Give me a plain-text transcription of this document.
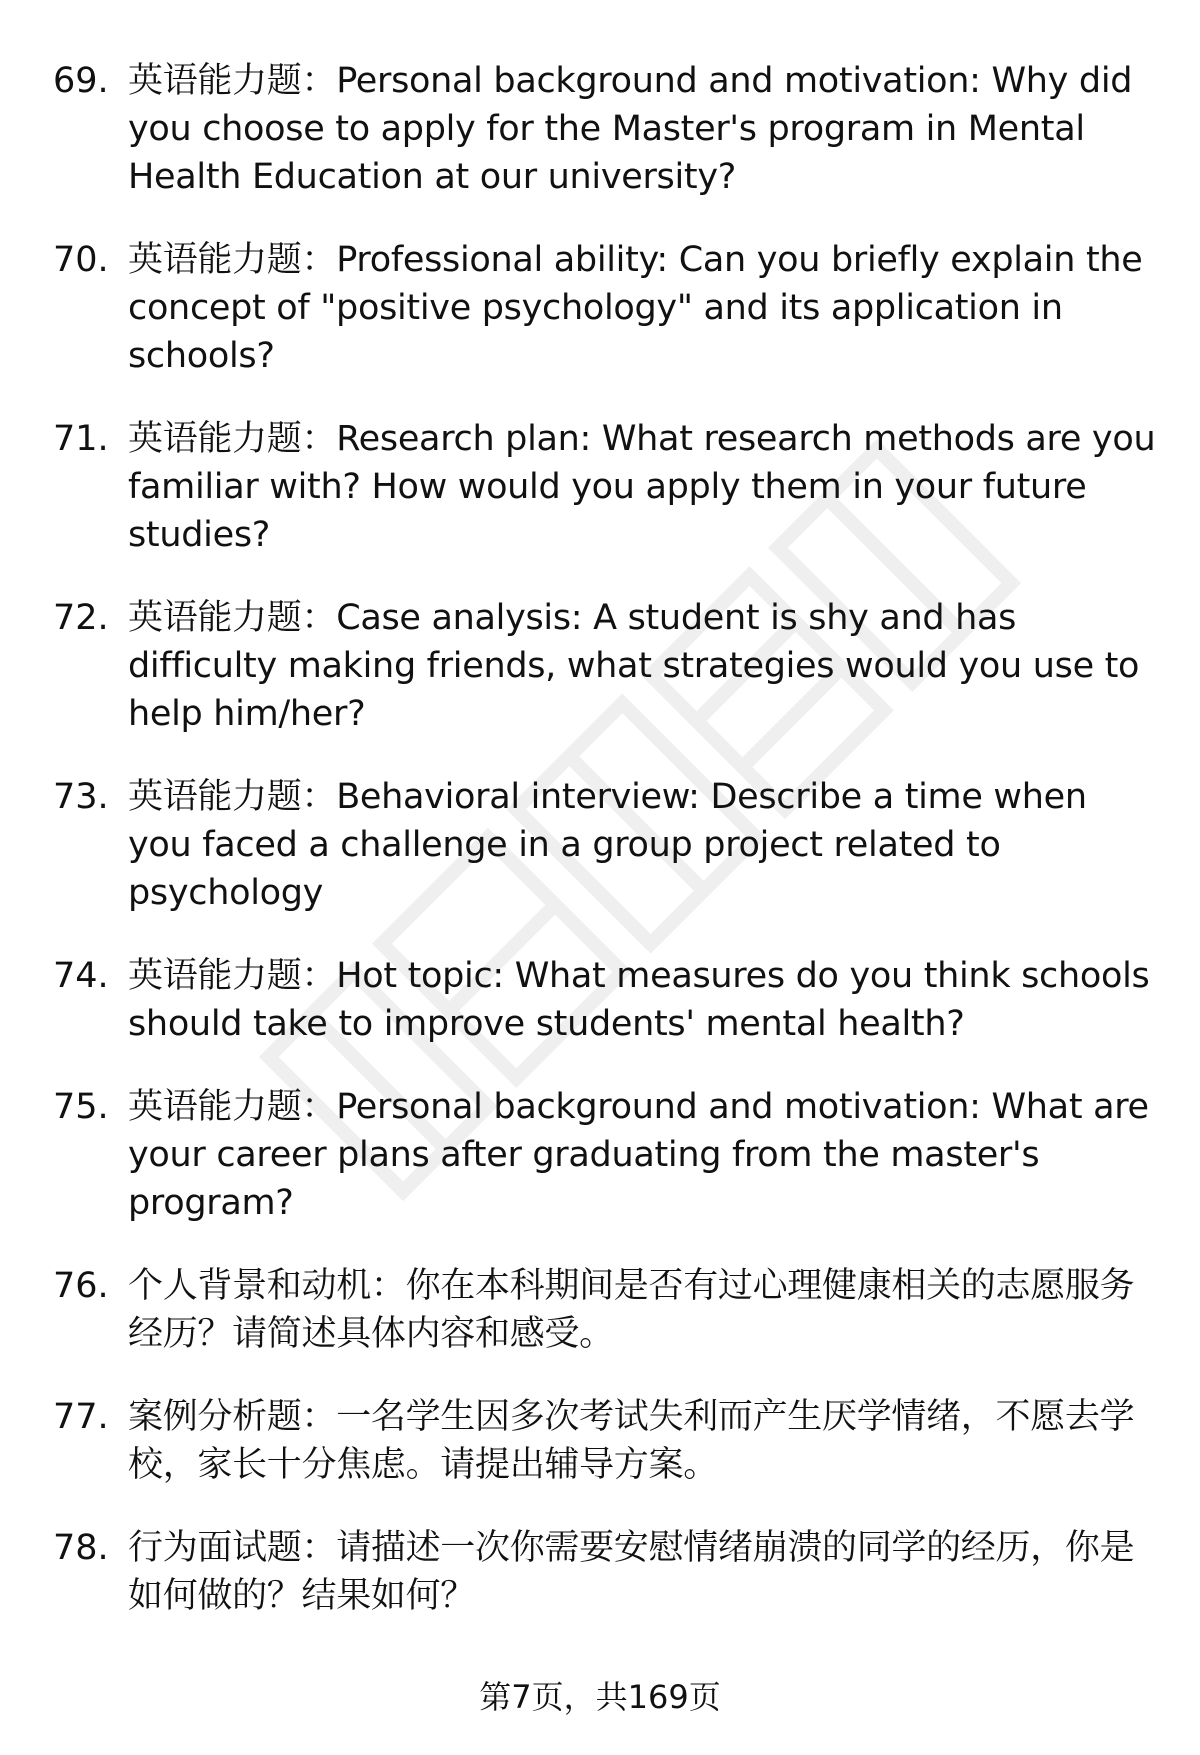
69. 英语能力题：Personal background and motivation: Why did you choose to apply for the Master's program in Mental Health Education at our university?
70. 英语能力题：Professional ability: Can you briefly explain the concept of "positive psychology" and its application in schools?
71. 英语能力题：Research plan: What research methods are you familiar with? How would you apply them in your future studies?
72. 英语能力题：Case analysis: A student is shy and has difficulty making friends, what strategies would you use to help him/her?
73. 英语能力题：Behavioral interview: Describe a time when you faced a challenge in a group project related to psychology
74. 英语能力题：Hot topic: What measures do you think schools should take to improve students' mental health?
75. 英语能力题：Personal background and motivation: What are your career plans after graduating from the master's program?
76. 个人背景和动机：你在本科期间是否有过心理健康相关的志愿服务经历？请简述具体内容和感受。
77. 案例分析题：一名学生因多次考试失利而产生厌学情绪，不愿去学校，家长十分焦虑。请提出辅导方案。
78. 行为面试题：请描述一次你需要安慰情绪崩溃的同学的经历，你是如何做的？结果如何？
第7页，共169页
